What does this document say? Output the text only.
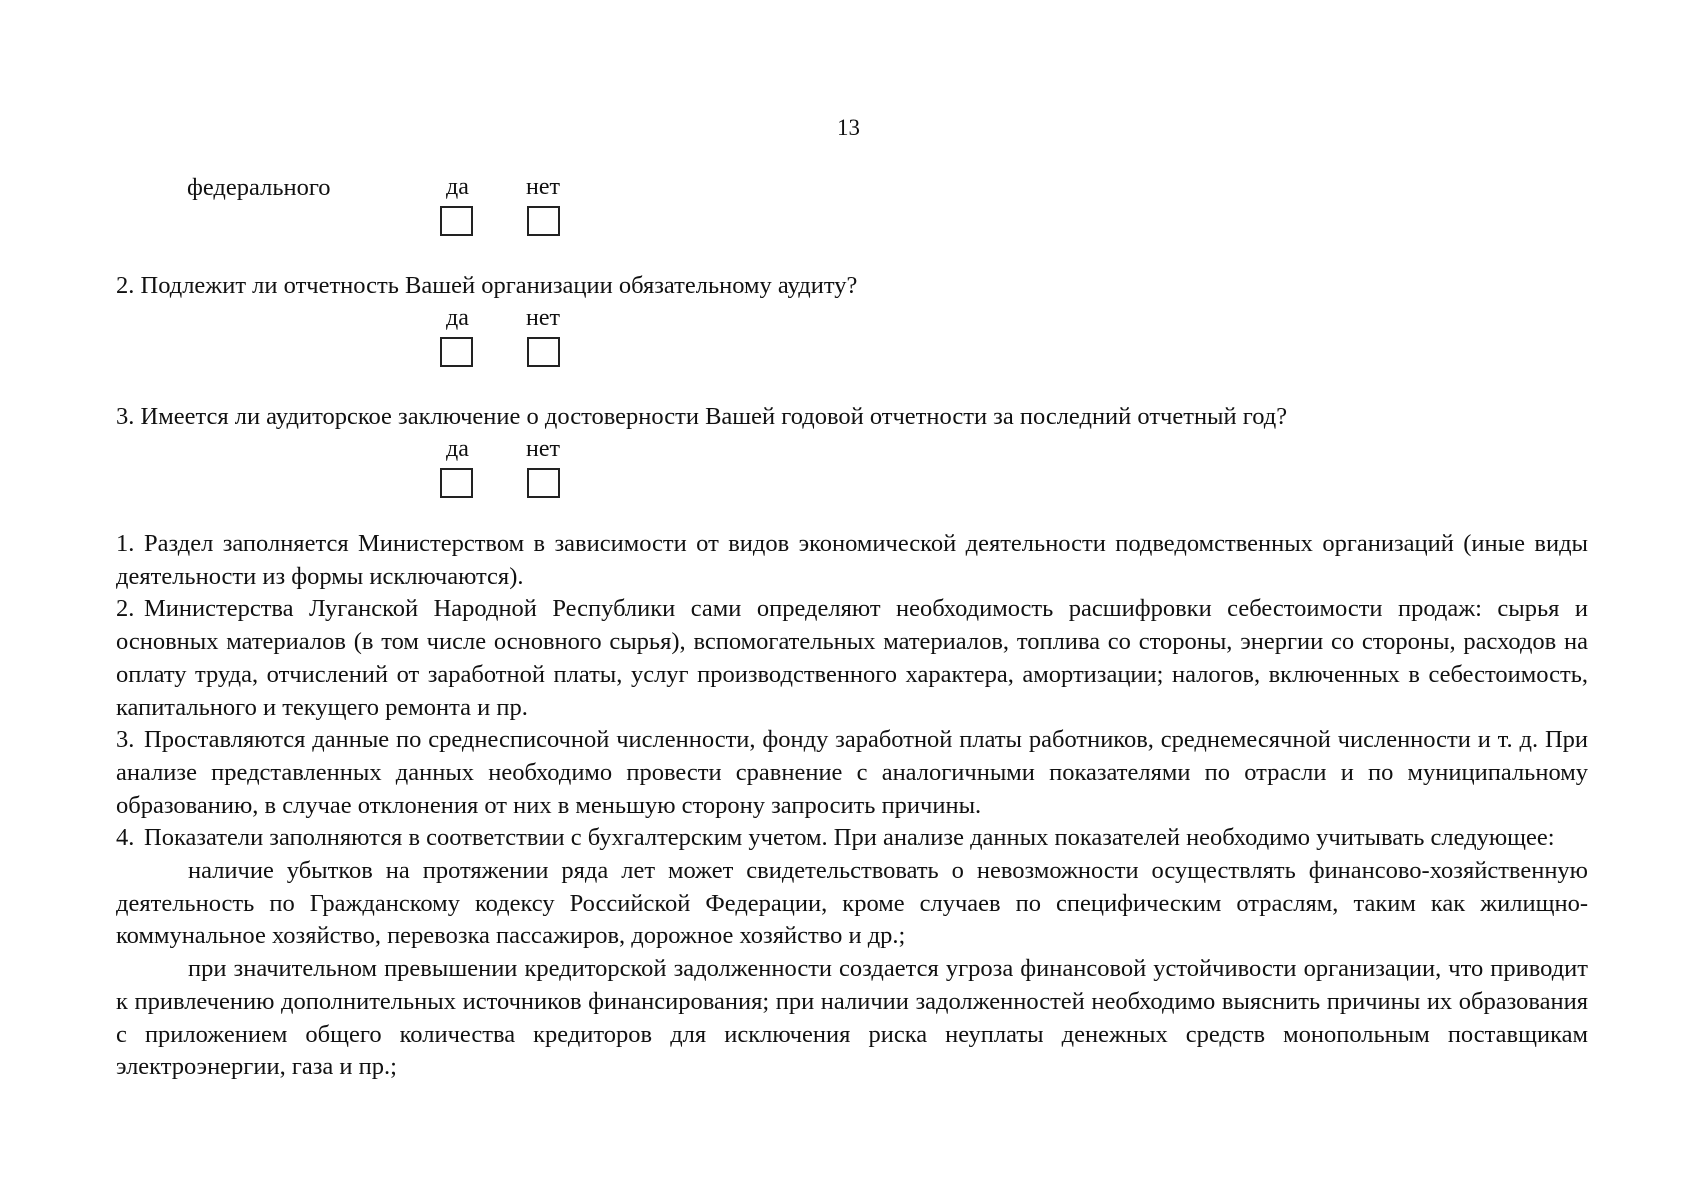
13
федерального	да нет
2. Подлежит ли отчетность Вашей организации обязательному аудиту?
да нет
3. Имеется ли аудиторское заключение о достоверности Вашей годовой отчетности за последний отчетный год?
да нет

1. Раздел заполняется Министерством в зависимости от видов экономической деятельности подведомственных организаций (иные виды деятельности из формы исключаются).

2. Министерства Луганской Народной Республики сами определяют необходимость расшифровки себестоимости продаж: сырья и основных материалов (в том числе основного сырья), вспомогательных материалов, топлива со стороны, энергии со стороны, расходов на оплату труда, отчислений от заработной платы, услуг производственного характера, амортизации; налогов, включенных в себестоимость, капитального и текущего ремонта и пр.

3. Проставляются данные по среднесписочной численности, фонду заработной платы работников, среднемесячной численности и т. д. При анализе представленных данных необходимо провести сравнение с аналогичными показателями по отрасли и по муниципальному образованию, в случае отклонения от них в меньшую сторону запросить причины.

4. Показатели заполняются в соответствии с бухгалтерским учетом. При анализе данных показателей необходимо учитывать следующее:

наличие убытков на протяжении ряда лет может свидетельствовать о невозможности осуществлять финансово-хозяйственную деятельность по Гражданскому кодексу Российской Федерации, кроме случаев по специфическим отраслям, таким как жилищно-коммунальное хозяйство, перевозка пассажиров, дорожное хозяйство и др.;

при значительном превышении кредиторской задолженности создается угроза финансовой устойчивости организации, что приводит к привлечению дополнительных источников финансирования; при наличии задолженностей необходимо выяснить причины их образования с приложением общего количества кредиторов для исключения риска неуплаты денежных средств монопольным поставщикам электроэнергии, газа и пр.;
